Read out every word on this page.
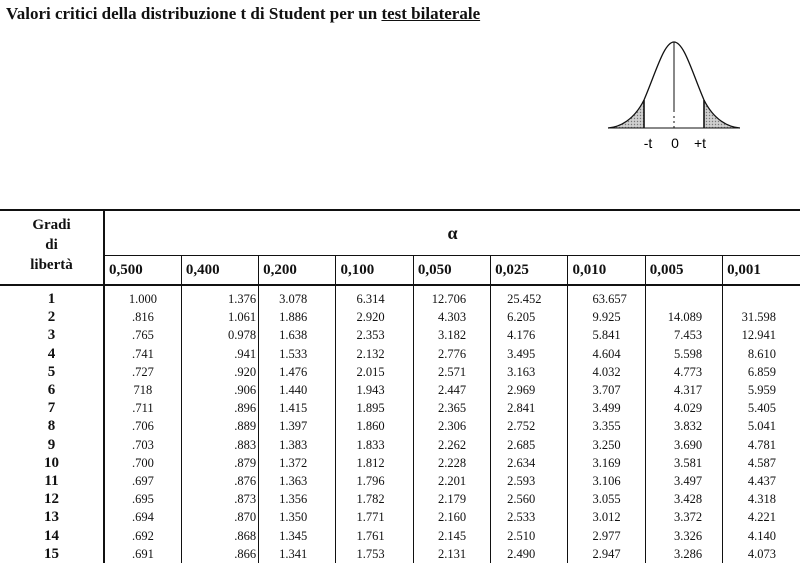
Valori critici della distribuzione t di Student per un test bilaterale
-t 0 +t
Gradi
di
libertà	α								
	0,500	0,400	0,200	0,100	0,050	0,025	0,010	0,005	0,001
1	1.000	1.376	3.078	6.314	12.706	25.452	63.657		
2	.816	1.061	1.886	2.920	4.303	6.205	9.925	14.089	31.598
3	.765	0.978	1.638	2.353	3.182	4.176	5.841	7.453	12.941
4	.741	.941	1.533	2.132	2.776	3.495	4.604	5.598	8.610
5	.727	.920	1.476	2.015	2.571	3.163	4.032	4.773	6.859
6	718	.906	1.440	1.943	2.447	2.969	3.707	4.317	5.959
7	.711	.896	1.415	1.895	2.365	2.841	3.499	4.029	5.405
8	.706	.889	1.397	1.860	2.306	2.752	3.355	3.832	5.041
9	.703	.883	1.383	1.833	2.262	2.685	3.250	3.690	4.781
10	.700	.879	1.372	1.812	2.228	2.634	3.169	3.581	4.587
11	.697	.876	1.363	1.796	2.201	2.593	3.106	3.497	4.437
12	.695	.873	1.356	1.782	2.179	2.560	3.055	3.428	4.318
13	.694	.870	1.350	1.771	2.160	2.533	3.012	3.372	4.221
14	.692	.868	1.345	1.761	2.145	2.510	2.977	3.326	4.140
15	.691	.866	1.341	1.753	2.131	2.490	2.947	3.286	4.073
